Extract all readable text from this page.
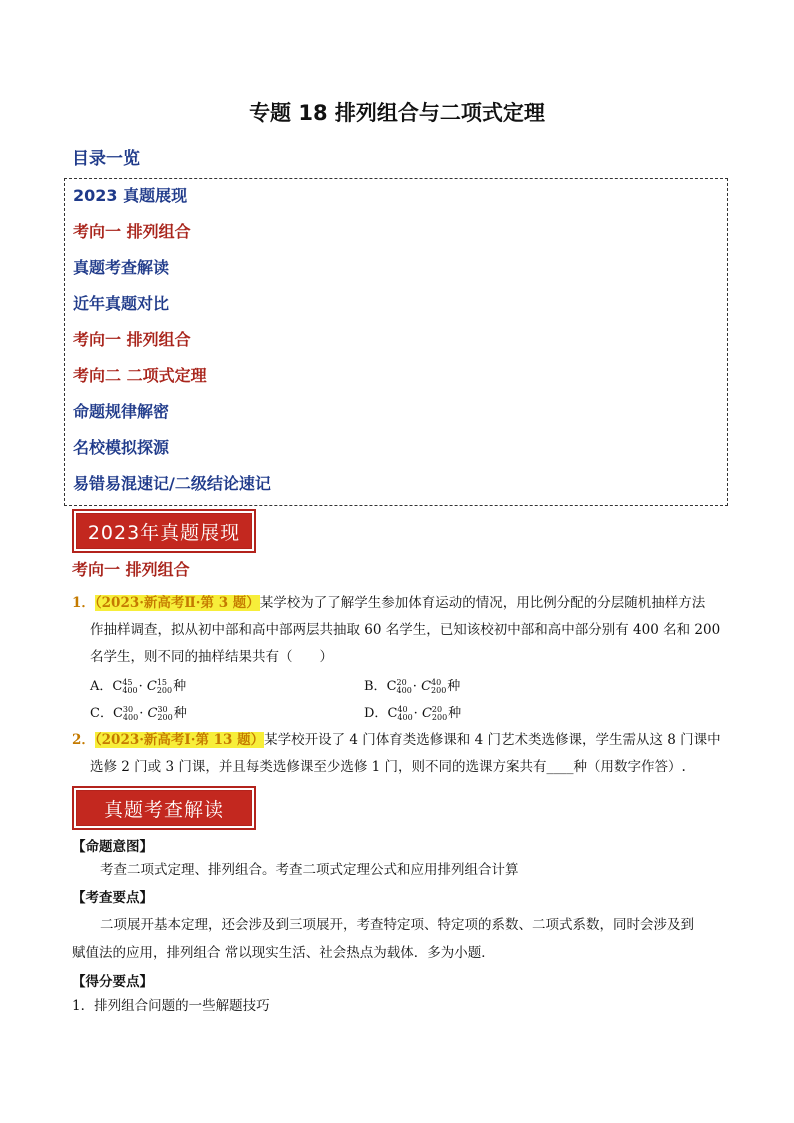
专题 18 排列组合与二项式定理
目录一览
2023 真题展现
考向一 排列组合
真题考查解读
近年真题对比
考向一 排列组合
考向二 二项式定理
命题规律解密
名校模拟探源
易错易混速记/二级结论速记
2023年真题展现
考向一 排列组合
1．（2023·新高考Ⅱ·第 3 题）某学校为了了解学生参加体育运动的情况，用比例分配的分层随机抽样方法
作抽样调查，拟从初中部和高中部两层共抽取 60 名学生，已知该校初中部和高中部分别有 400 名和 200
名学生，则不同的抽样结果共有（　　）
A．C45
400· C15
200种	B．C20
400· C40
200种
C．C30
400· C30
200种	D．C40
400· C20
200种
2．（2023·新高考Ⅰ·第 13 题）某学校开设了 4 门体育类选修课和 4 门艺术类选修课，学生需从这 8 门课中
选修 2 门或 3 门课，并且每类选修课至少选修 1 门，则不同的选课方案共有____种（用数字作答）.
真题考查解读
【命题意图】
考查二项式定理、排列组合。考查二项式定理公式和应用排列组合计算
【考查要点】
二项展开基本定理，还会涉及到三项展开，考查特定项、特定项的系数、二项式系数，同时会涉及到
赋值法的应用，排列组合 常以现实生活、社会热点为载体．多为小题．
【得分要点】
1．排列组合问题的一些解题技巧
